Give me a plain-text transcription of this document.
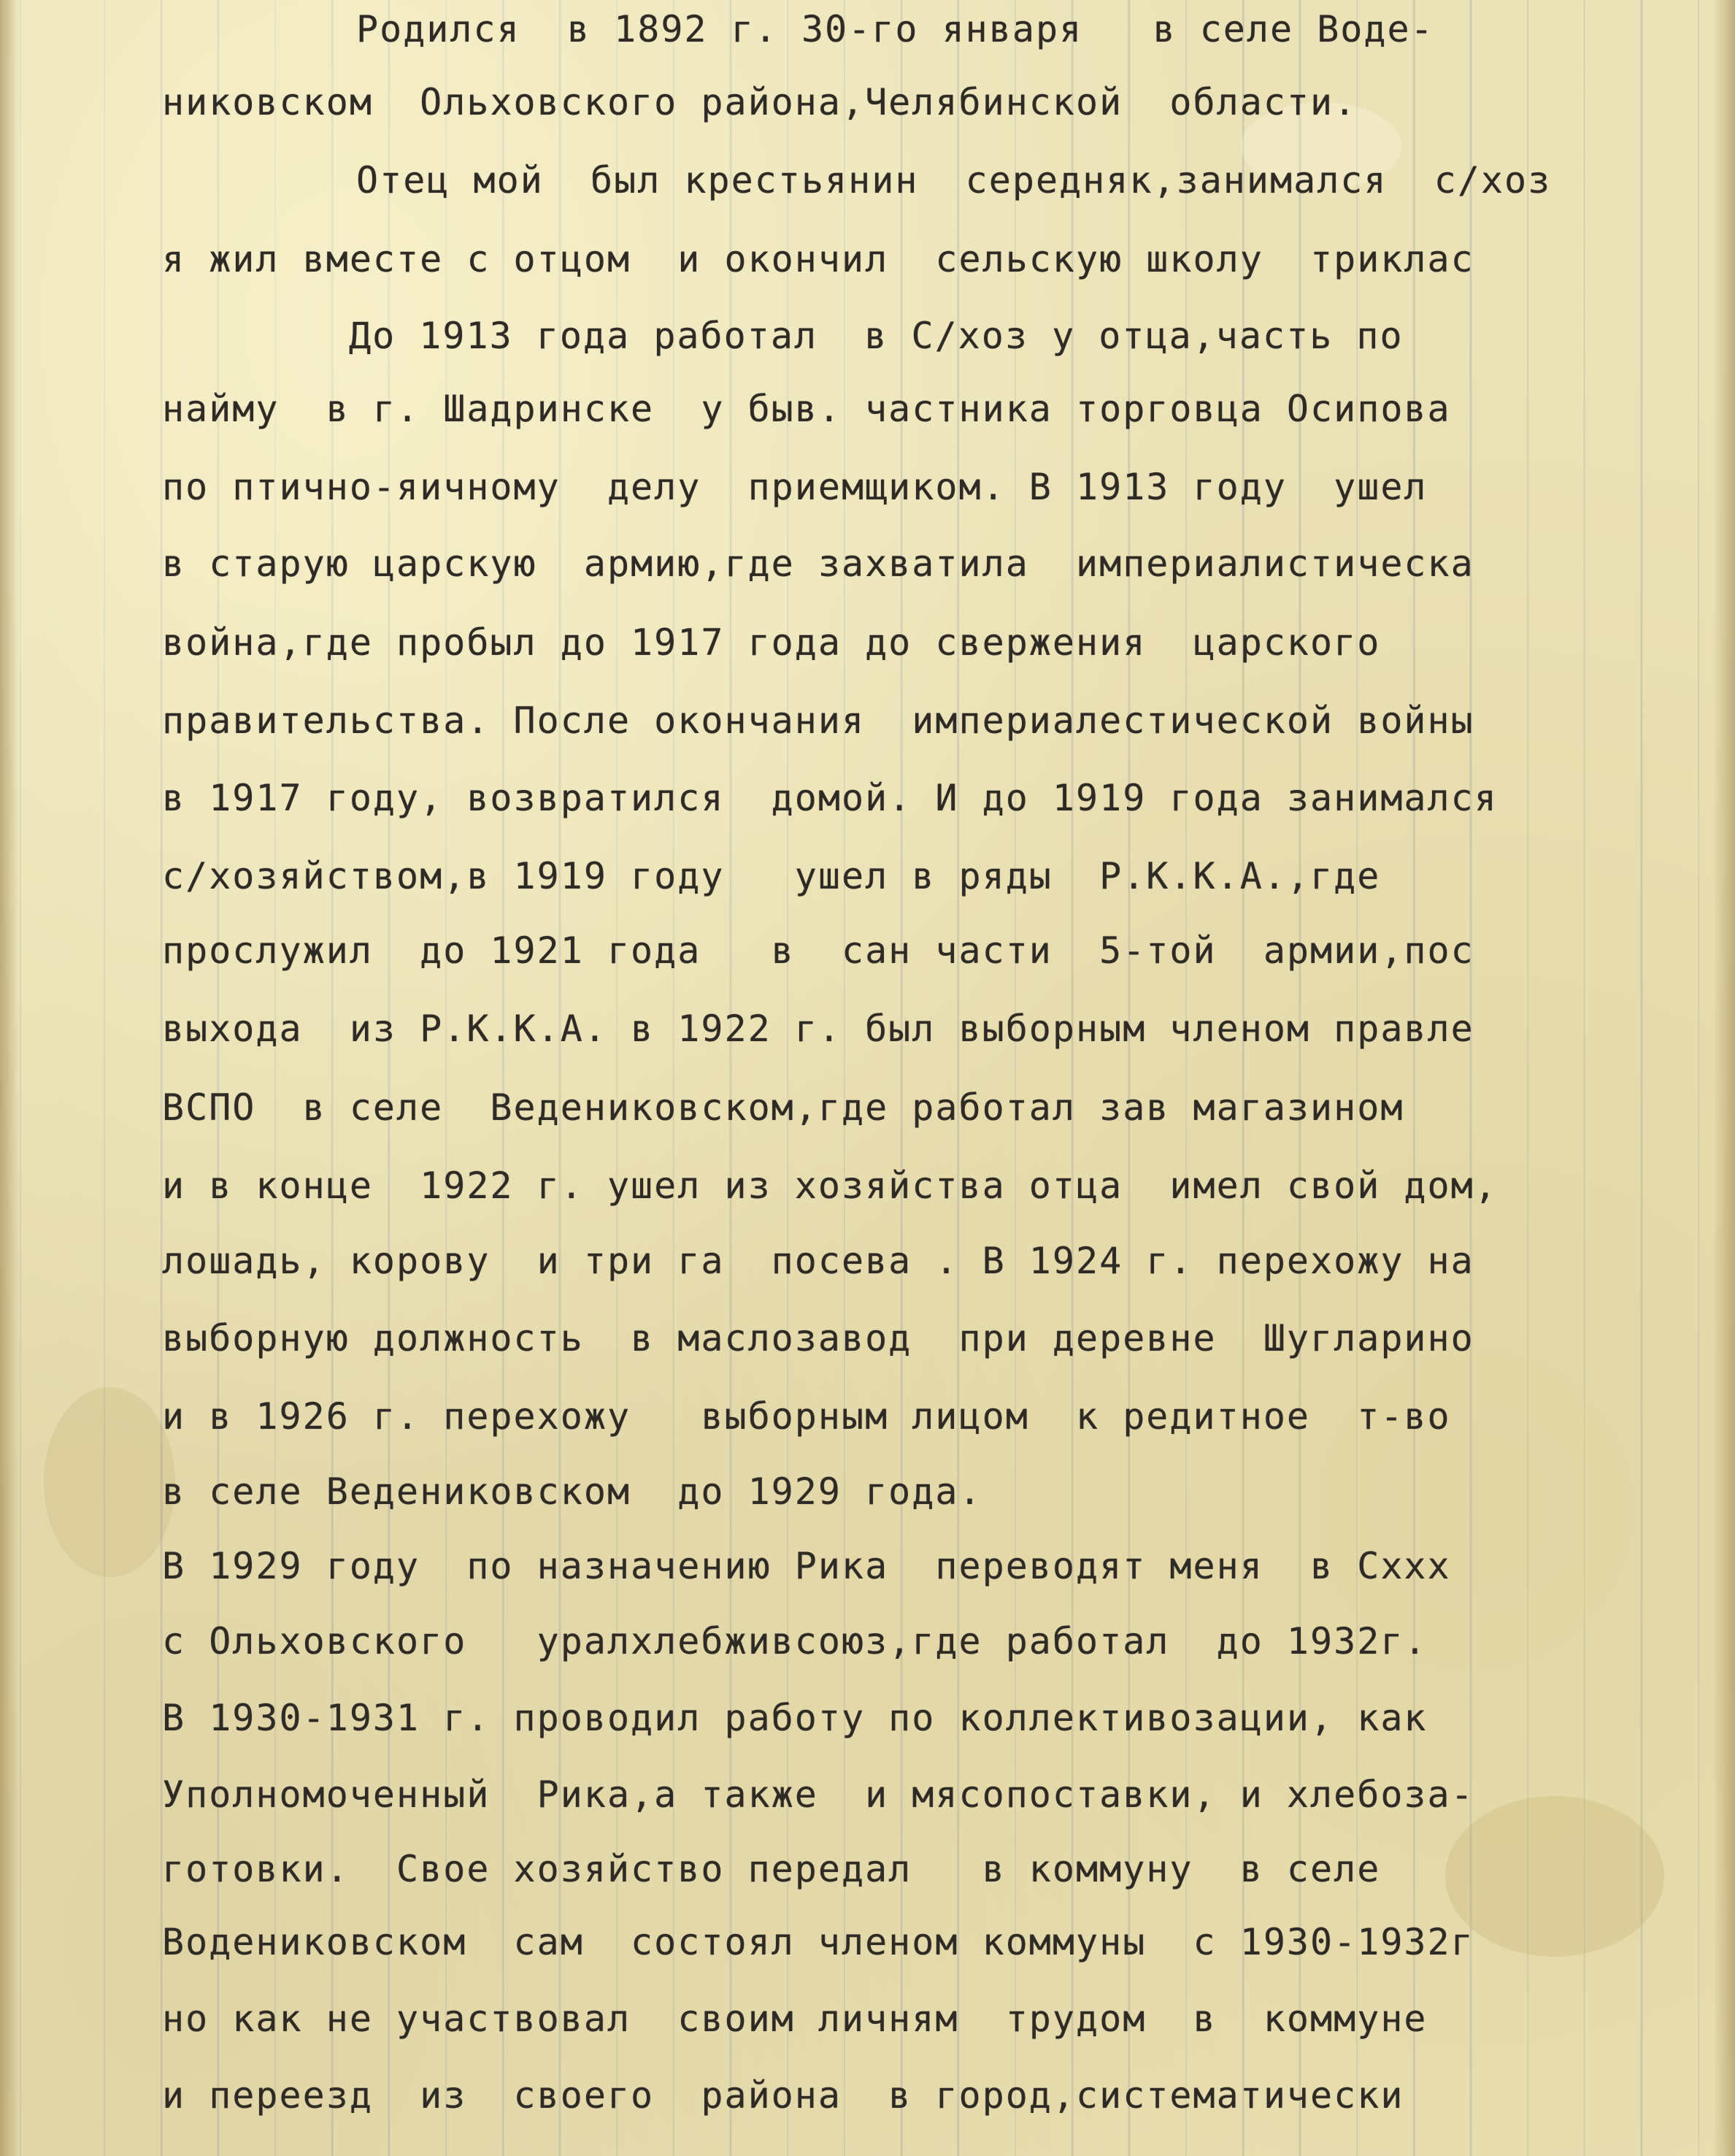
Родился  в 1892 г. 30-го января   в селе Воде-
никовском  Ольховского района,Челябинской  области.
Отец мой  был крестьянин  середняк,занимался  с/хоз
я жил вместе с отцом  и окончил  сельскую школу  триклас
До 1913 года работал  в С/хоз у отца,часть по
найму  в г. Шадринске  у быв. частника торговца Осипова
по птично-яичному  делу  приемщиком. В 1913 году  ушел
в старую царскую  армию,где захватила  империалистическа
война,где пробыл до 1917 года до свержения  царского
правительства. После окончания  империалестической войны
в 1917 году, возвратился  домой. И до 1919 года занимался
с/хозяйством,в 1919 году   ушел в ряды  Р.К.К.А.,где
прослужил  до 1921 года   в  сан части  5-той  армии,пос
выхода  из Р.К.К.А. в 1922 г. был выборным членом правле
ВСПО  в селе  Веденикoвском,где работал зав магазином
и в конце  1922 г. ушел из хозяйства отца  имел свой дом,
лошадь, корову  и три га  посева . В 1924 г. перехожу на
выборную должность  в маслозавод  при деревне  Шугларино
и в 1926 г. перехожу   выборным лицом  к редитное  т-во
в селе Веденикoвском  до 1929 года.
В 1929 году  по назначению Рика  переводят меня  в Сххх
с Ольховского   уралхлебживсоюз,где работал  до 1932г.
В 1930-1931 г. проводил работу по коллективозации, как
Уполномоченный  Рика,а также  и мясопоставки, и хлебоза-
готовки.  Свое хозяйство передал   в коммуну  в селе
Воденикoвском  сам  состоял членом коммуны  с 1930-1932г
но как не участвовал  своим личням  трудом  в  коммуне
и переезд  из  своего  района  в город,систематически
